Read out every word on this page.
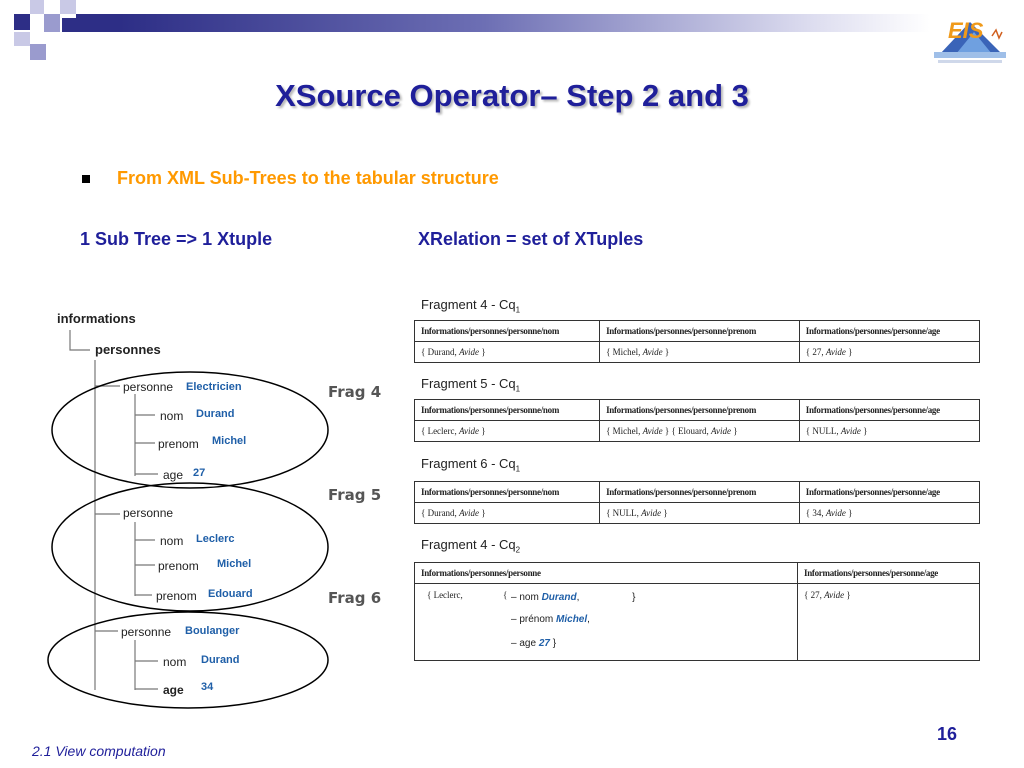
EIS
XSource Operator– Step 2 and 3
From XML Sub-Trees to the tabular structure
1 Sub Tree => 1 Xtuple	XRelation = set of XTuples
informations
personnes
personne Electricien
nom Durand
prenom Michel
age 27
personne
nom Leclerc
prenom Michel
prenom Edouard
personne Boulanger
nom Durand
age 34
Frag 4
Frag 5
Frag 6
Fragment $4 - Cq_1$
Informations/personnes/personne/nom	Informations/personnes/personne/prenom	Informations/personnes/personne/age
{ Durand, Avide }	{ Michel, Avide }	{ 27, Avide }
Fragment $5 - Cq_1$
Informations/personnes/personne/nom	Informations/personnes/personne/prenom	Informations/personnes/personne/age
{ Leclerc, Avide }	{ Michel, Avide } { Elouard, Avide }	{ NULL, Avide }
Fragment $6 - Cq_1$
Informations/personnes/personne/nom	Informations/personnes/personne/prenom	Informations/personnes/personne/age
{ Durand, Avide }	{ NULL, Avide }	{ 34, Avide }
Fragment $4 - Cq_2$
Informations/personnes/personne	Informations/personnes/personne/age

{ Leclerc, { – nom Durand, }
– prénom Michel,
– age 27 }	{ 27, Avide }
16
2.1 View computation
